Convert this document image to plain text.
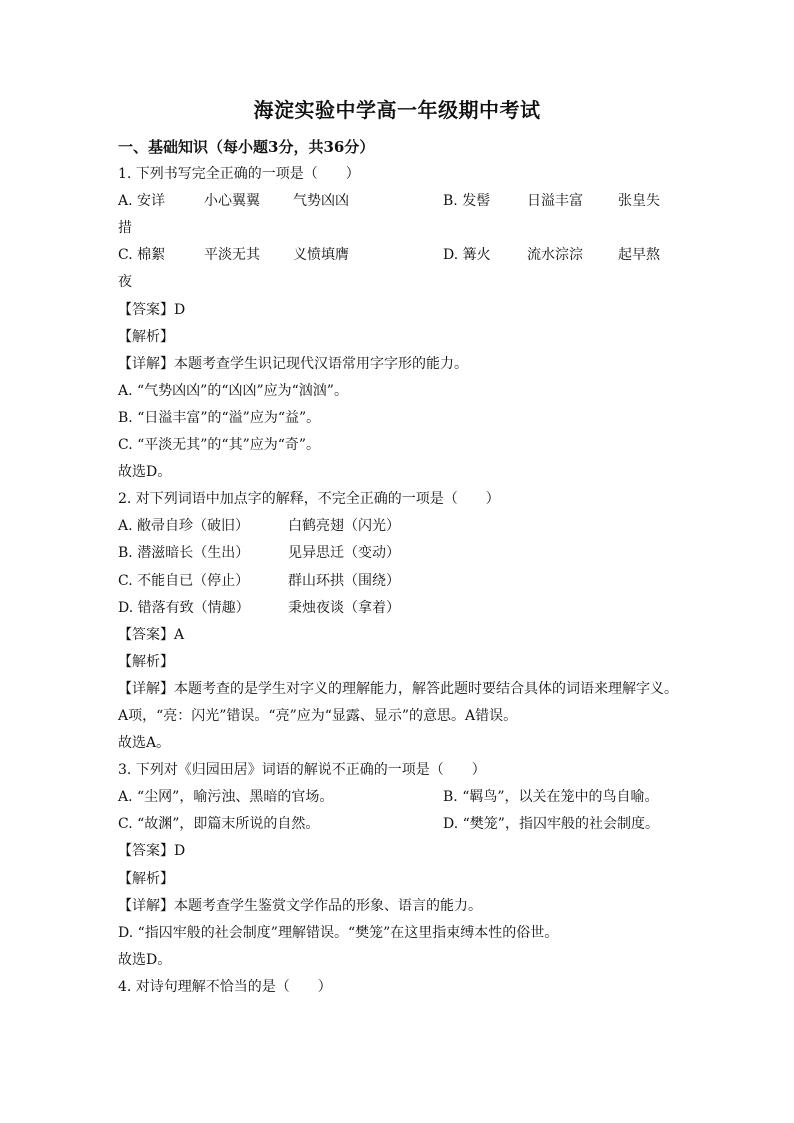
海淀实验中学高一年级期中考试
一、基础知识（每小题3分，共36分）
1. 下列书写完全正确的一项是（　　）
A. 安详	小心翼翼 气势凶凶	B. 发髻	日溢丰富	张皇失
措
C. 棉絮	平淡无其 义愤填膺	D. 篝火	流水淙淙	起早熬
夜
【答案】D
【解析】
【详解】本题考查学生识记现代汉语常用字字形的能力。
A. “气势凶凶”的“凶凶”应为“汹汹”。
B. “日溢丰富”的“溢”应为“益”。
C. “平淡无其”的“其”应为“奇”。
故选D。
2. 对下列词语中加点字的解释，不完全正确的一项是（　　）
A. 敝帚自珍（破旧）	白鹤亮翅（闪光）
B. 潜滋暗长（生出）	见异思迁（变动）
C. 不能自已（停止）	群山环拱（围绕）
D. 错落有致（情趣）	秉烛夜谈（拿着）
【答案】A
【解析】
【详解】本题考查的是学生对字义的理解能力，解答此题时要结合具体的词语来理解字义。
A项，“亮：闪光”错误。“亮”应为“显露、显示”的意思。A错误。
故选A。
3. 下列对《归园田居》词语的解说不正确的一项是（　　）
A. “尘网”，喻污浊、黑暗的官场。	B. “羁鸟”，以关在笼中的鸟自喻。
C. “故渊”，即篇末所说的自然。	D. “樊笼”，指囚牢般的社会制度。
【答案】D
【解析】
【详解】本题考查学生鉴赏文学作品的形象、语言的能力。
D. “指囚牢般的社会制度”理解错误。“樊笼”在这里指束缚本性的俗世。
故选D。
4. 对诗句理解不恰当的是（　　）
